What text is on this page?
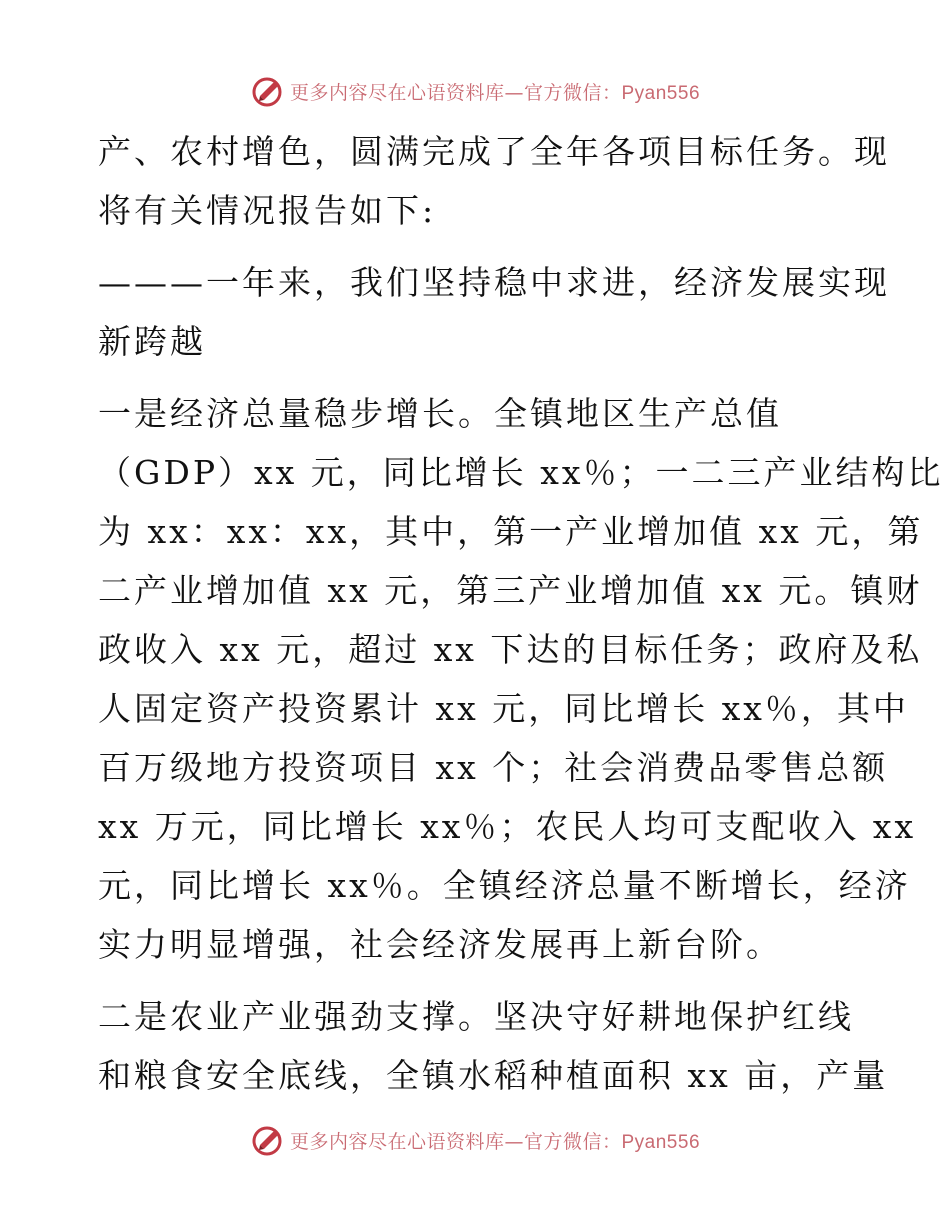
更多内容尽在心语资料库—官方微信：Pyan556

产、农村增色，圆满完成了全年各项目标任务。现

将有关情况报告如下:

———一年来，我们坚持稳中求进，经济发展实现

新跨越

一是经济总量稳步增长。全镇地区生产总值

（GDP）xx 元，同比增长 xx％；一二三产业结构比

为 xx：xx：xx，其中，第一产业增加值 xx 元，第

二产业增加值 xx 元，第三产业增加值 xx 元。镇财

政收入 xx 元，超过 xx 下达的目标任务；政府及私

人固定资产投资累计 xx 元，同比增长 xx％，其中

百万级地方投资项目 xx 个；社会消费品零售总额

xx 万元，同比增长 xx％；农民人均可支配收入 xx

元，同比增长 xx％。全镇经济总量不断增长，经济

实力明显增强，社会经济发展再上新台阶。

二是农业产业强劲支撑。坚决守好耕地保护红线

和粮食安全底线，全镇水稻种植面积 xx 亩，产量

更多内容尽在心语资料库—官方微信：Pyan556
